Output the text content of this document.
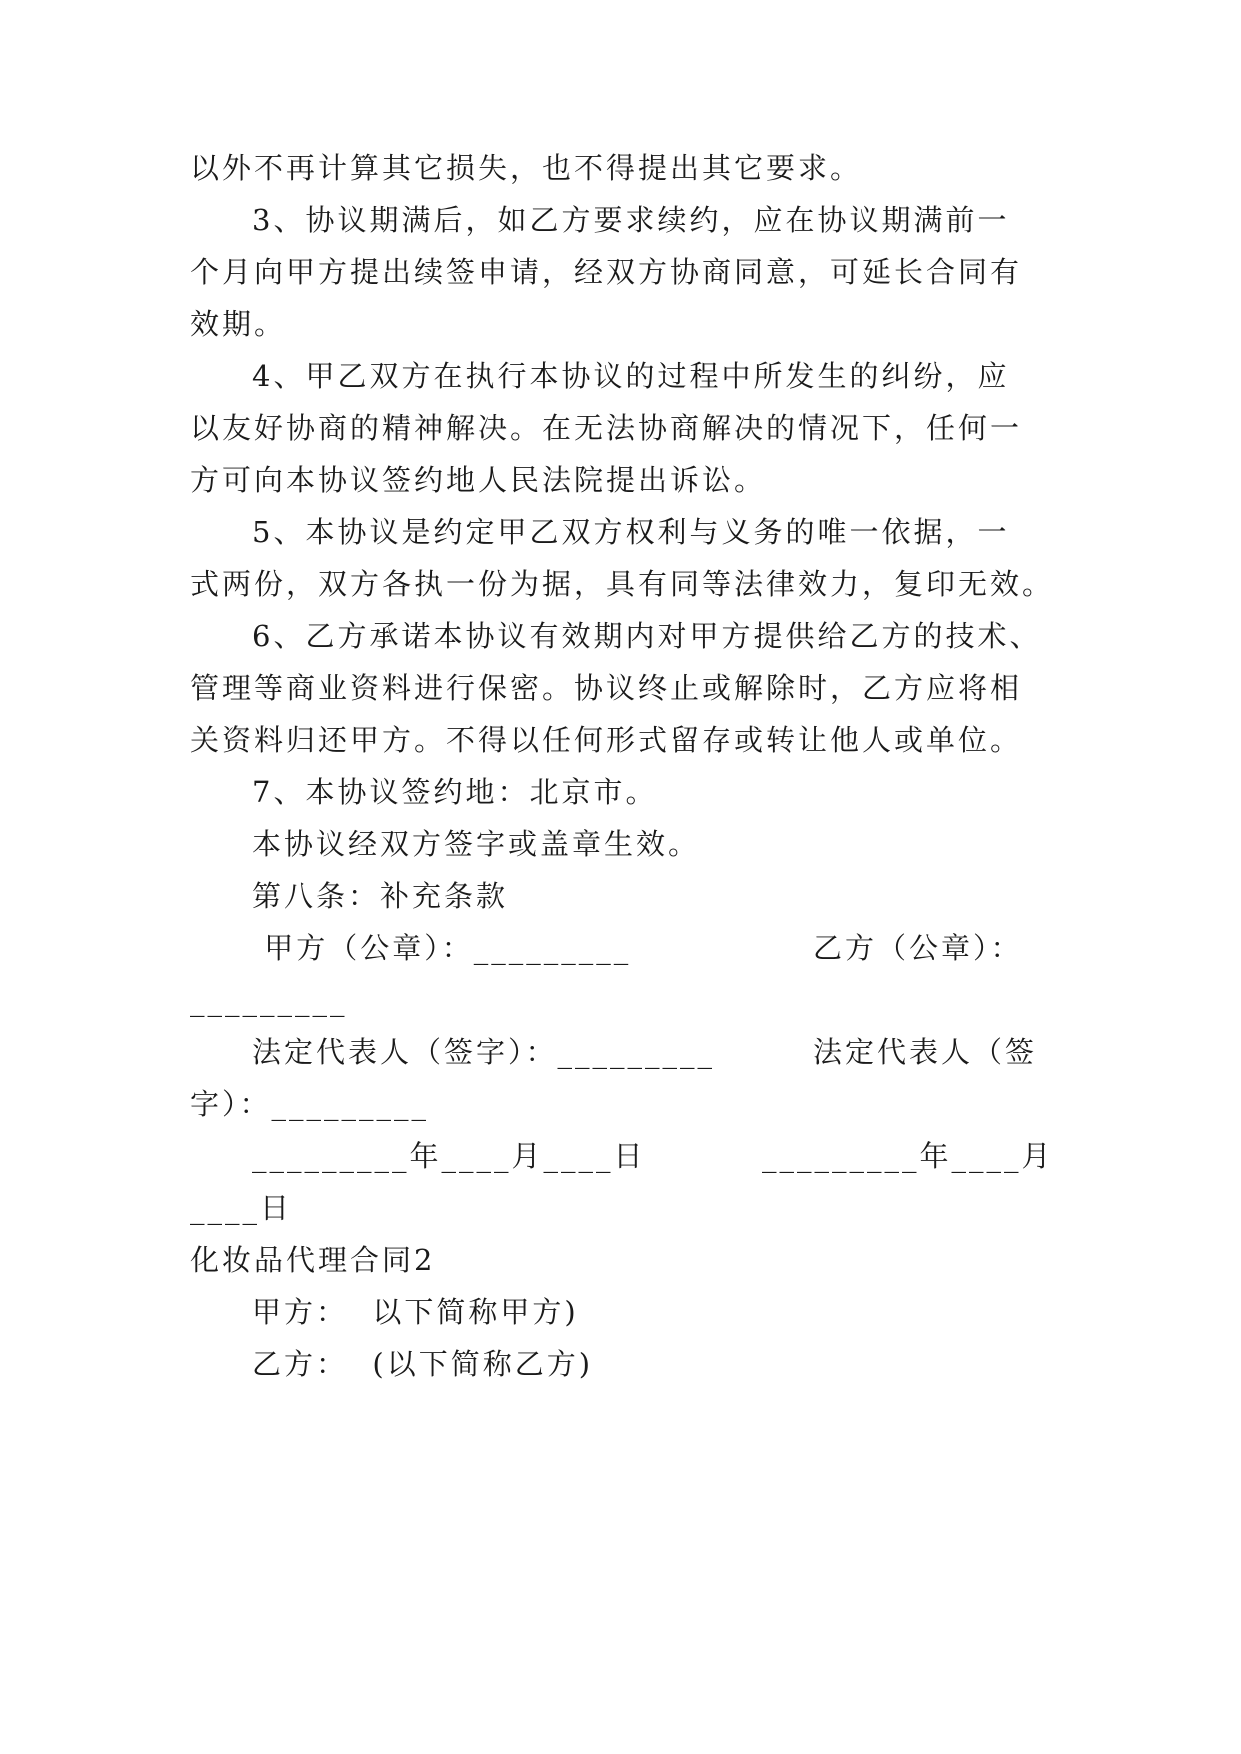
以外不再计算其它损失，也不得提出其它要求。
3、协议期满后，如乙方要求续约，应在协议期满前一
个月向甲方提出续签申请，经双方协商同意，可延长合同有
效期。
4、甲乙双方在执行本协议的过程中所发生的纠纷，应
以友好协商的精神解决。在无法协商解决的情况下，任何一
方可向本协议签约地人民法院提出诉讼。
5、本协议是约定甲乙双方权利与义务的唯一依据，一
式两份，双方各执一份为据，具有同等法律效力，复印无效。
6、乙方承诺本协议有效期内对甲方提供给乙方的技术、
管理等商业资料进行保密。协议终止或解除时，乙方应将相
关资料归还甲方。不得以任何形式留存或转让他人或单位。
7、本协议签约地：北京市。
本协议经双方签字或盖章生效。
第八条：补充条款
甲方（公章）：_________	乙方（公章）：
_________
法定代表人（签字）：_________	法定代表人（签
字）：_________
_________年____月____日	_________年____月
____日
化妆品代理合同2
甲方：  以下简称甲方)
乙方：  (以下简称乙方)
